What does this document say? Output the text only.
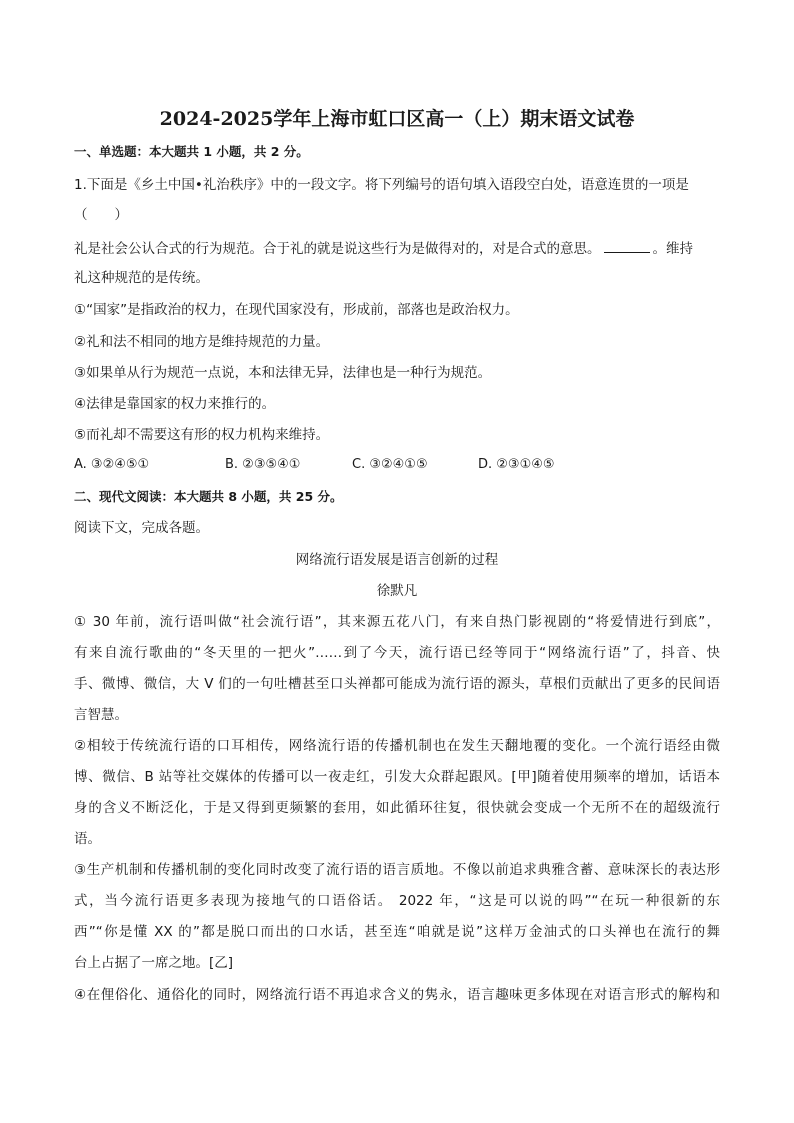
2024-2025学年上海市虹口区高一（上）期末语文试卷
一、单选题：本大题共 1 小题，共 2 分。
1.下面是《乡土中国•礼治秩序》中的一段文字。将下列编号的语句填入语段空白处，语意连贯的一项是
（　　）
礼是社会公认合式的行为规范。合于礼的就是说这些行为是做得对的，对是合式的意思。	。维持
礼这种规范的是传统。
①“国家”是指政治的权力，在现代国家没有，形成前，部落也是政治权力。
②礼和法不相同的地方是维持规范的力量。
③如果单从行为规范一点说，本和法律无异，法律也是一种行为规范。
④法律是靠国家的权力来推行的。
⑤而礼却不需要这有形的权力机构来维持。
A. ③②④⑤①	B. ②③⑤④①	C. ③②④①⑤	D. ②③①④⑤
二、现代文阅读：本大题共 8 小题，共 25 分。
阅读下文，完成各题。
网络流行语发展是语言创新的过程
徐默凡
① 30 年前，流行语叫做“社会流行语”，其来源五花八门，有来自热门影视剧的“将爱情进行到底”，
有来自流行歌曲的“冬天里的一把火”……到了今天，流行语已经等同于“网络流行语”了，抖音、快
手、微博、微信，大 V 们的一句吐槽甚至口头禅都可能成为流行语的源头，草根们贡献出了更多的民间语
言智慧。
②相较于传统流行语的口耳相传，网络流行语的传播机制也在发生天翻地覆的变化。一个流行语经由微
博、微信、B 站等社交媒体的传播可以一夜走红，引发大众群起跟风。[甲]随着使用频率的增加，话语本
身的含义不断泛化，于是又得到更频繁的套用，如此循环往复，很快就会变成一个无所不在的超级流行
语。
③生产机制和传播机制的变化同时改变了流行语的语言质地。不像以前追求典雅含蓄、意味深长的表达形
式，当今流行语更多表现为接地气的口语俗话。 2022 年，“这是可以说的吗”“在玩一种很新的东
西”“你是懂 XX 的”都是脱口而出的口水话，甚至连“咱就是说”这样万金油式的口头禅也在流行的舞
台上占据了一席之地。[乙]
④在俚俗化、通俗化的同时，网络流行语不再追求含义的隽永，语言趣味更多体现在对语言形式的解构和
